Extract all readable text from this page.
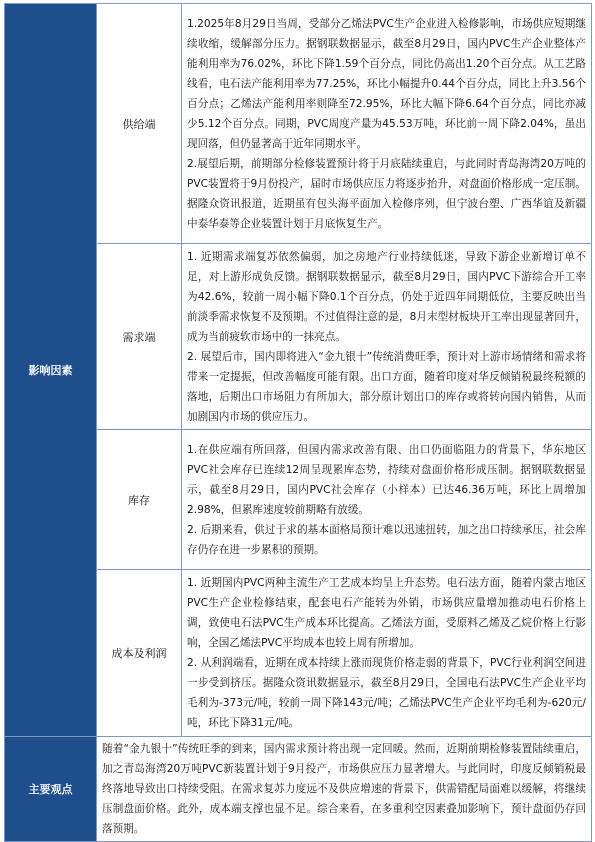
影响因素	供给端	1.2025年8月29日当周，受部分乙烯法PVC生产企业进入检修影响，市场供应短期继续收缩，缓解部分压力。据钢联数据显示，截至8月29日，国内PVC生产企业整体产能利用率为76.02%，环比下降1.59个百分点，同比仍高出1.20个百分点。从工艺路线看，电石法产能利用率为77.25%，环比小幅提升0.44个百分点，同比上升3.56个百分点；乙烯法产能利用率则降至72.95%，环比大幅下降6.64个百分点，同比亦减少5.12个百分点。同期，PVC周度产量为45.53万吨，环比前一周下降2.04%，虽出现回落，但仍显著高于近年同期水平。

2.展望后期，前期部分检修装置预计将于月底陆续重启，与此同时青岛海湾20万吨的PVC装置将于9月份投产，届时市场供应压力将逐步抬升，对盘面价格形成一定压制。据隆众资讯报道，近期虽有包头海平面加入检修序列，但宁波台塑、广西华谊及新疆中泰华泰等企业装置计划于月底恢复生产。

	需求端	1. 近期需求端复苏依然偏弱，加之房地产行业持续低迷，导致下游企业新增订单不足，对上游形成负反馈。据钢联数据显示，截至8月29日，国内PVC下游综合开工率为42.6%，较前一周小幅下降0.1个百分点，仍处于近四年同期低位，主要反映出当前淡季需求恢复不及预期。不过值得注意的是，8月末型材板块开工率出现显著回升，成为当前疲软市场中的一抹亮点。

2. 展望后市，国内即将进入“金九银十”传统消费旺季，预计对上游市场情绪和需求将带来一定提振，但改善幅度可能有限。出口方面，随着印度对华反倾销税最终税额的落地，后期出口市场阻力有所加大，部分原计划出口的库存或将转向国内销售，从而加剧国内市场的供应压力。

	库存	1.在供应端有所回落，但国内需求改善有限、出口仍面临阻力的背景下，华东地区PVC社会库存已连续12周呈现累库态势，持续对盘面价格形成压制。据钢联数据显示，截至8月29日，国内PVC社会库存（小样本）已达46.36万吨，环比上周增加2.98%，但累库速度较前期略有放缓。

2. 后期来看，供过于求的基本面格局预计难以迅速扭转，加之出口持续承压，社会库存仍存在进一步累积的预期。

	成本及利润	1. 近期国内PVC两种主流生产工艺成本均呈上升态势。电石法方面，随着内蒙古地区PVC生产企业检修结束，配套电石产能转为外销，市场供应量增加推动电石价格上调，致使电石法PVC生产成本环比提高。乙烯法方面，受原料乙烯及乙烷价格上行影响，全国乙烯法PVC平均成本也较上周有所增加。

2. 从利润端看，近期在成本持续上涨而现货价格走弱的背景下，PVC行业利润空间进一步受到挤压。据隆众资讯数据显示，截至8月29日，全国电石法PVC生产企业平均毛利为-373元/吨，较前一周下降143元/吨；乙烯法PVC生产企业平均毛利为-620元/吨，环比下降31元/吨。

主要观点	随着“金九银十”传统旺季的到来，国内需求预计将出现一定回暖。然而，近期前期检修装置陆续重启，加之青岛海湾20万吨PVC新装置计划于9月投产，市场供应压力显著增大。与此同时，印度反倾销税最终落地导致出口持续受阻。在需求复苏力度远不及供应增速的背景下，供需错配局面难以缓解，将继续压制盘面价格。此外，成本端支撑也显不足。综合来看，在多重利空因素叠加影响下，预计盘面仍存回落预期。	
